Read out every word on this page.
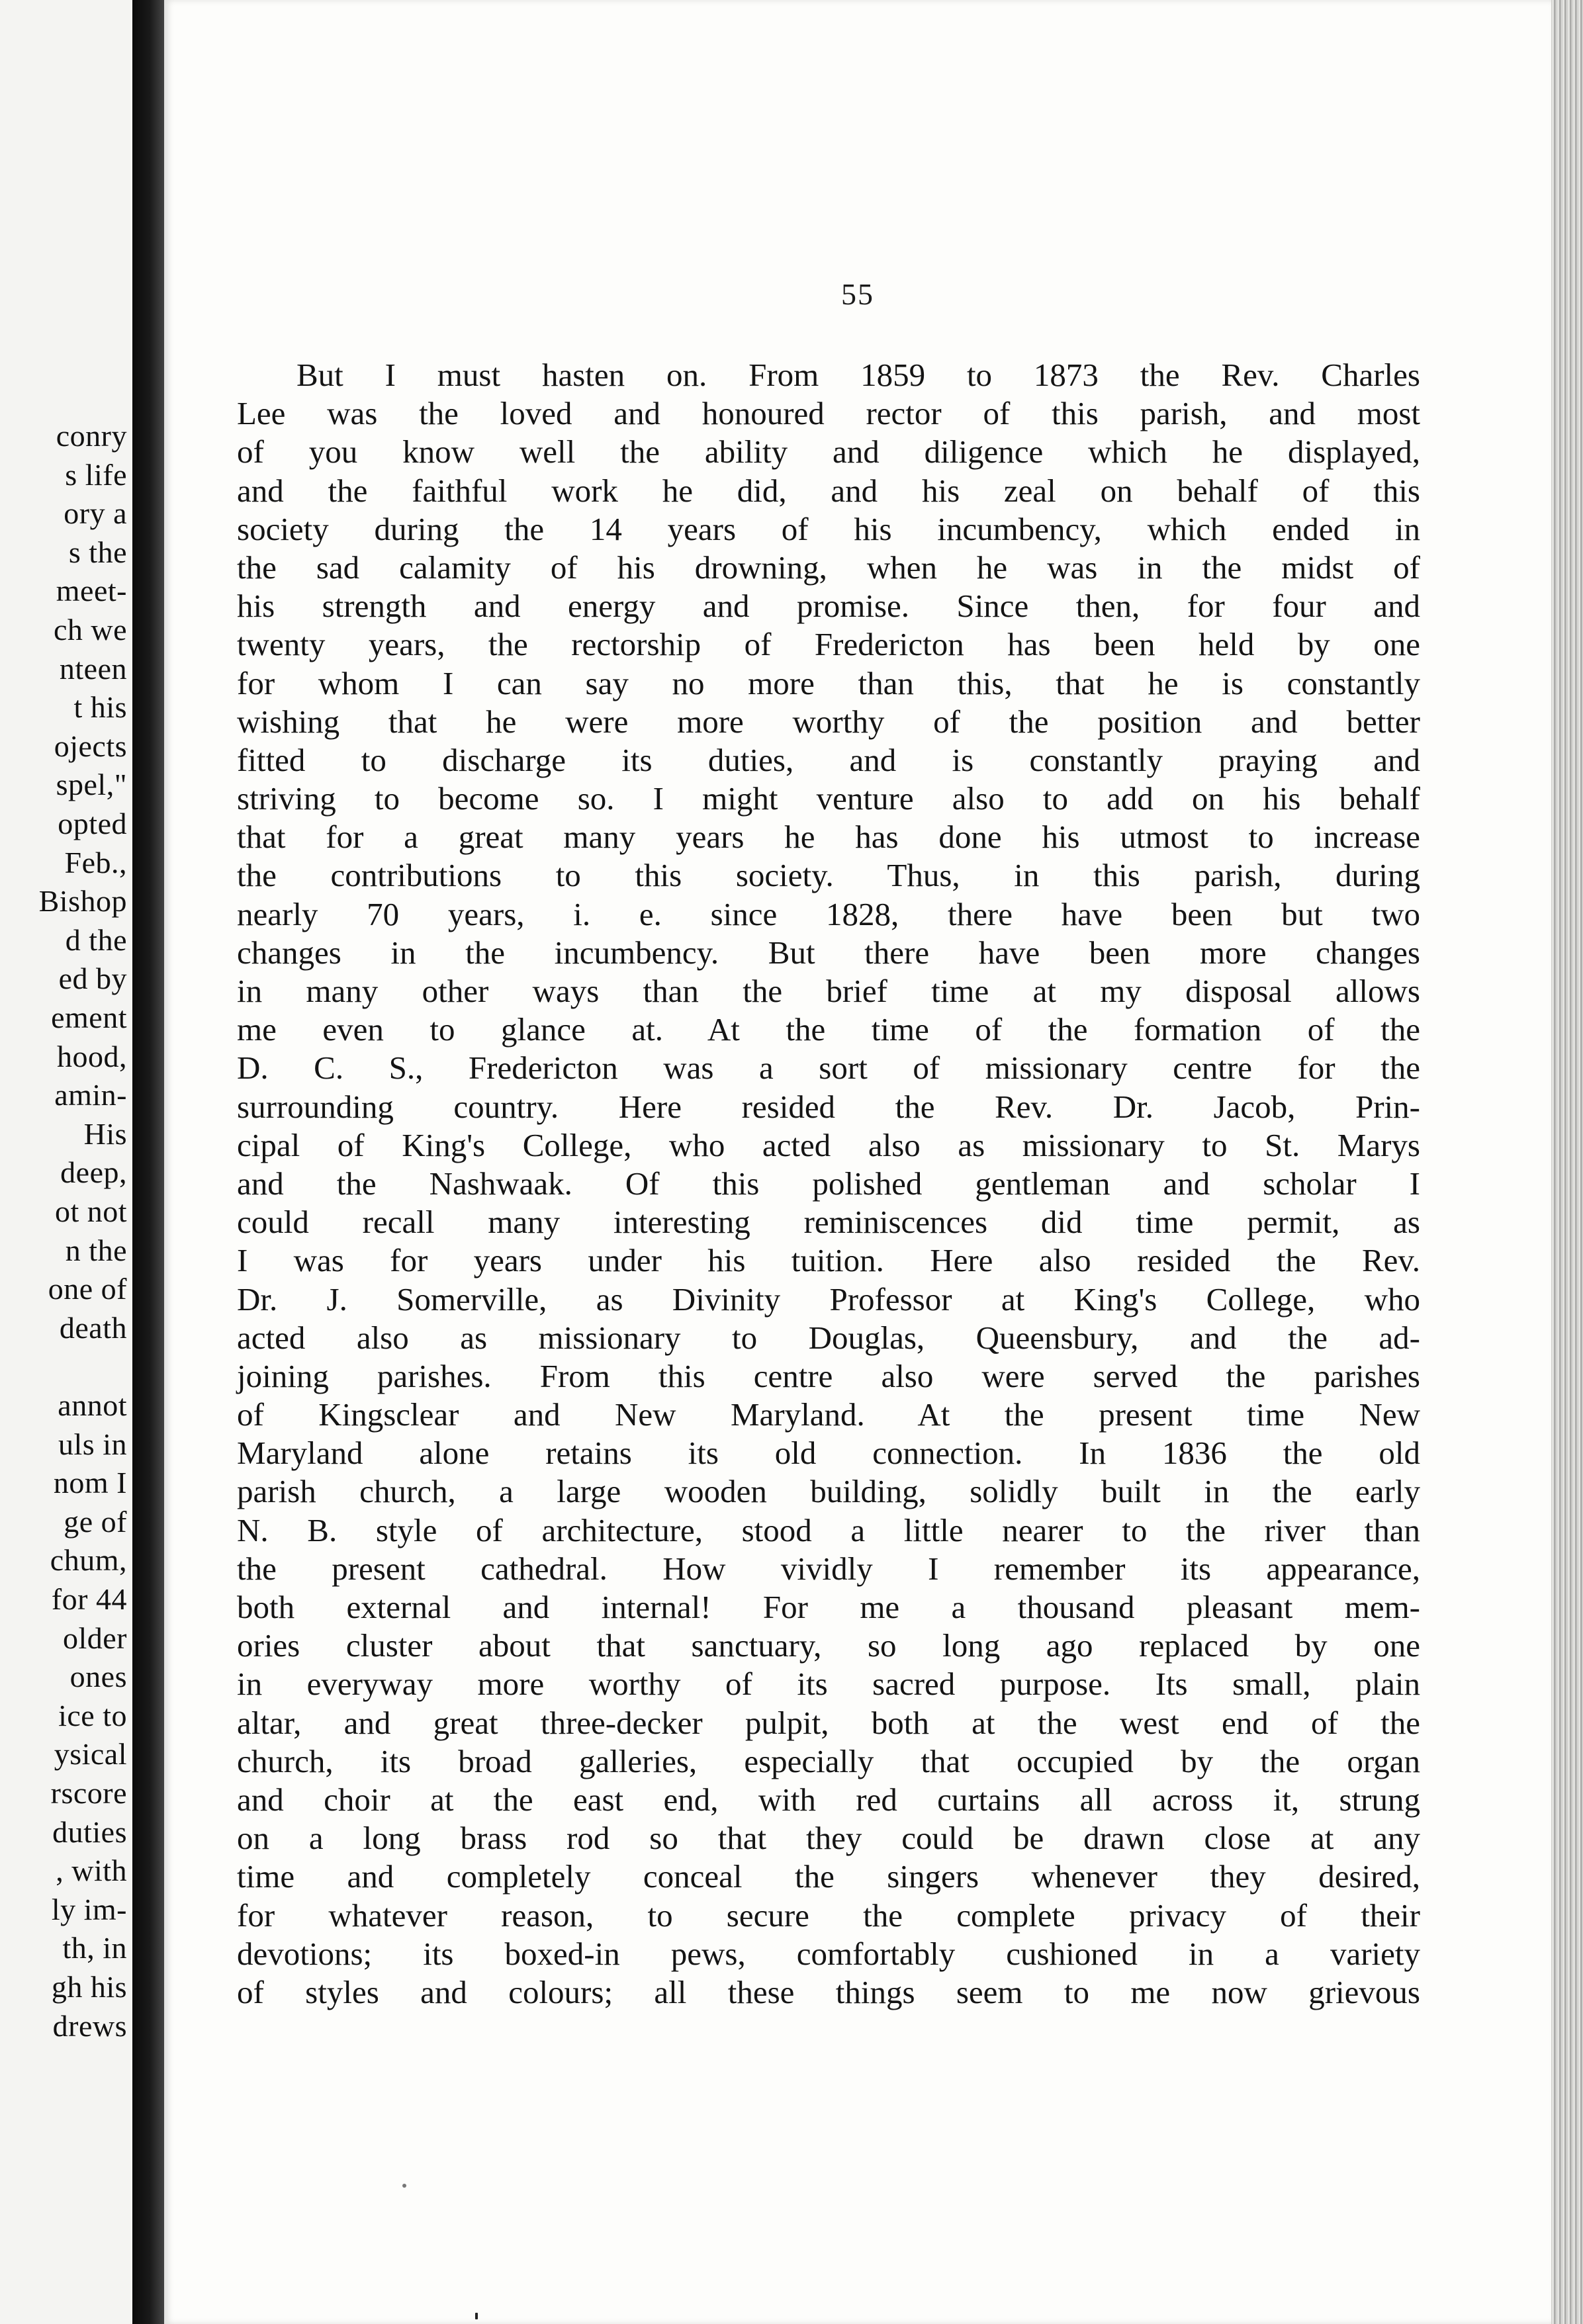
conry
s life
ory a
s the
meet-
ch we
nteen
t his
ojects
spel,"
opted
Feb.,
Bishop
d the
ed by
ement
hood,
amin-
His
deep,
ot not
n the
one of
death
annot
uls in
nom I
ge of
chum,
for 44
older
ones
ice to
ysical
rscore
duties
, with
ly im-
th, in
gh his
drews
55
But I must hasten on. From 1859 to 1873 the Rev. Charles
Lee was the loved and honoured rector of this parish, and most
of you know well the ability and diligence which he displayed,
and the faithful work he did, and his zeal on behalf of this
society during the 14 years of his incumbency, which ended in
the sad calamity of his drowning, when he was in the midst of
his strength and energy and promise. Since then, for four and
twenty years, the rectorship of Fredericton has been held by one
for whom I can say no more than this, that he is constantly
wishing that he were more worthy of the position and better
fitted to discharge its duties, and is constantly praying and
striving to become so. I might venture also to add on his behalf
that for a great many years he has done his utmost to increase
the contributions to this society. Thus, in this parish, during
nearly 70 years, i. e. since 1828, there have been but two
changes in the incumbency. But there have been more changes
in many other ways than the brief time at my disposal allows
me even to glance at. At the time of the formation of the
D. C. S., Fredericton was a sort of missionary centre for the
surrounding country. Here resided the Rev. Dr. Jacob, Prin-
cipal of King's College, who acted also as missionary to St. Marys
and the Nashwaak. Of this polished gentleman and scholar I
could recall many interesting reminiscences did time permit, as
I was for years under his tuition. Here also resided the Rev.
Dr. J. Somerville, as Divinity Professor at King's College, who
acted also as missionary to Douglas, Queensbury, and the ad-
joining parishes. From this centre also were served the parishes
of Kingsclear and New Maryland. At the present time New
Maryland alone retains its old connection. In 1836 the old
parish church, a large wooden building, solidly built in the early
N. B. style of architecture, stood a little nearer to the river than
the present cathedral. How vividly I remember its appearance,
both external and internal! For me a thousand pleasant mem-
ories cluster about that sanctuary, so long ago replaced by one
in everyway more worthy of its sacred purpose. Its small, plain
altar, and great three-decker pulpit, both at the west end of the
church, its broad galleries, especially that occupied by the organ
and choir at the east end, with red curtains all across it, strung
on a long brass rod so that they could be drawn close at any
time and completely conceal the singers whenever they desired,
for whatever reason, to secure the complete privacy of their
devotions; its boxed-in pews, comfortably cushioned in a variety
of styles and colours; all these things seem to me now grievous
